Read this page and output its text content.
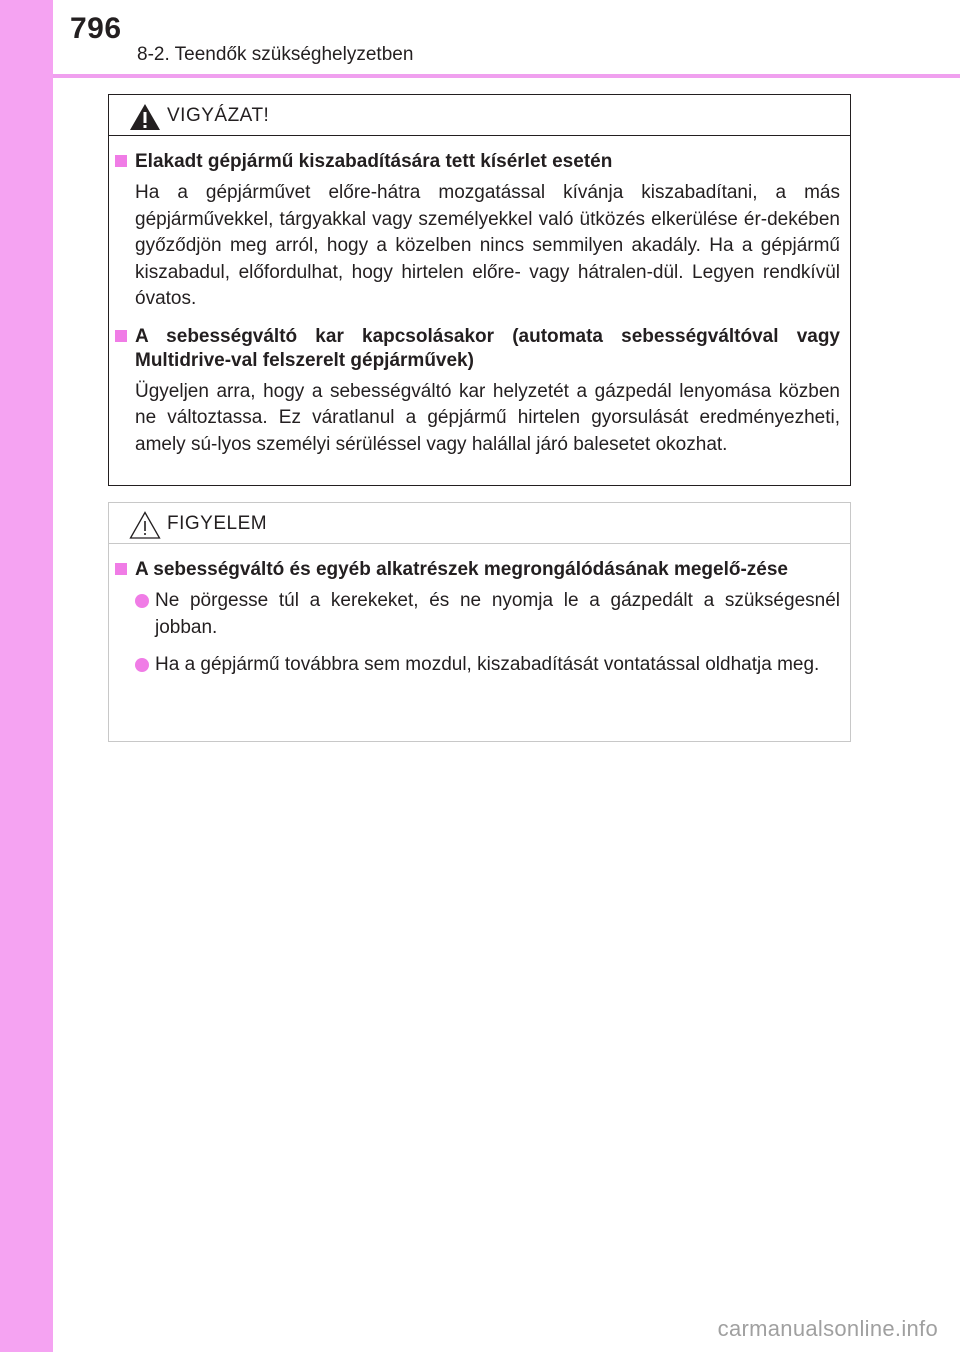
796
8-2. Teendők szükséghelyzetben
VIGYÁZAT!
Elakadt gépjármű kiszabadítására tett kísérlet esetén
Ha a gépjárművet előre-hátra mozgatással kívánja kiszabadítani, a más gépjárművekkel, tárgyakkal vagy személyekkel való ütközés elkerülése ér-dekében győződjön meg arról, hogy a közelben nincs semmilyen akadály. Ha a gépjármű kiszabadul, előfordulhat, hogy hirtelen előre- vagy hátralen-dül. Legyen rendkívül óvatos.
A sebességváltó kar kapcsolásakor (automata sebességváltóval vagy Multidrive-val felszerelt gépjárművek)
Ügyeljen arra, hogy a sebességváltó kar helyzetét a gázpedál lenyomása közben ne változtassa. Ez váratlanul a gépjármű hirtelen gyorsulását eredményezheti, amely sú-lyos személyi sérüléssel vagy halállal járó balesetet okozhat.
FIGYELEM
A sebességváltó és egyéb alkatrészek megrongálódásának megelő-zése
Ne pörgesse túl a kerekeket, és ne nyomja le a gázpedált a szükségesnél jobban.
Ha a gépjármű továbbra sem mozdul, kiszabadítását vontatással oldhatja meg.
carmanualsonline.info
